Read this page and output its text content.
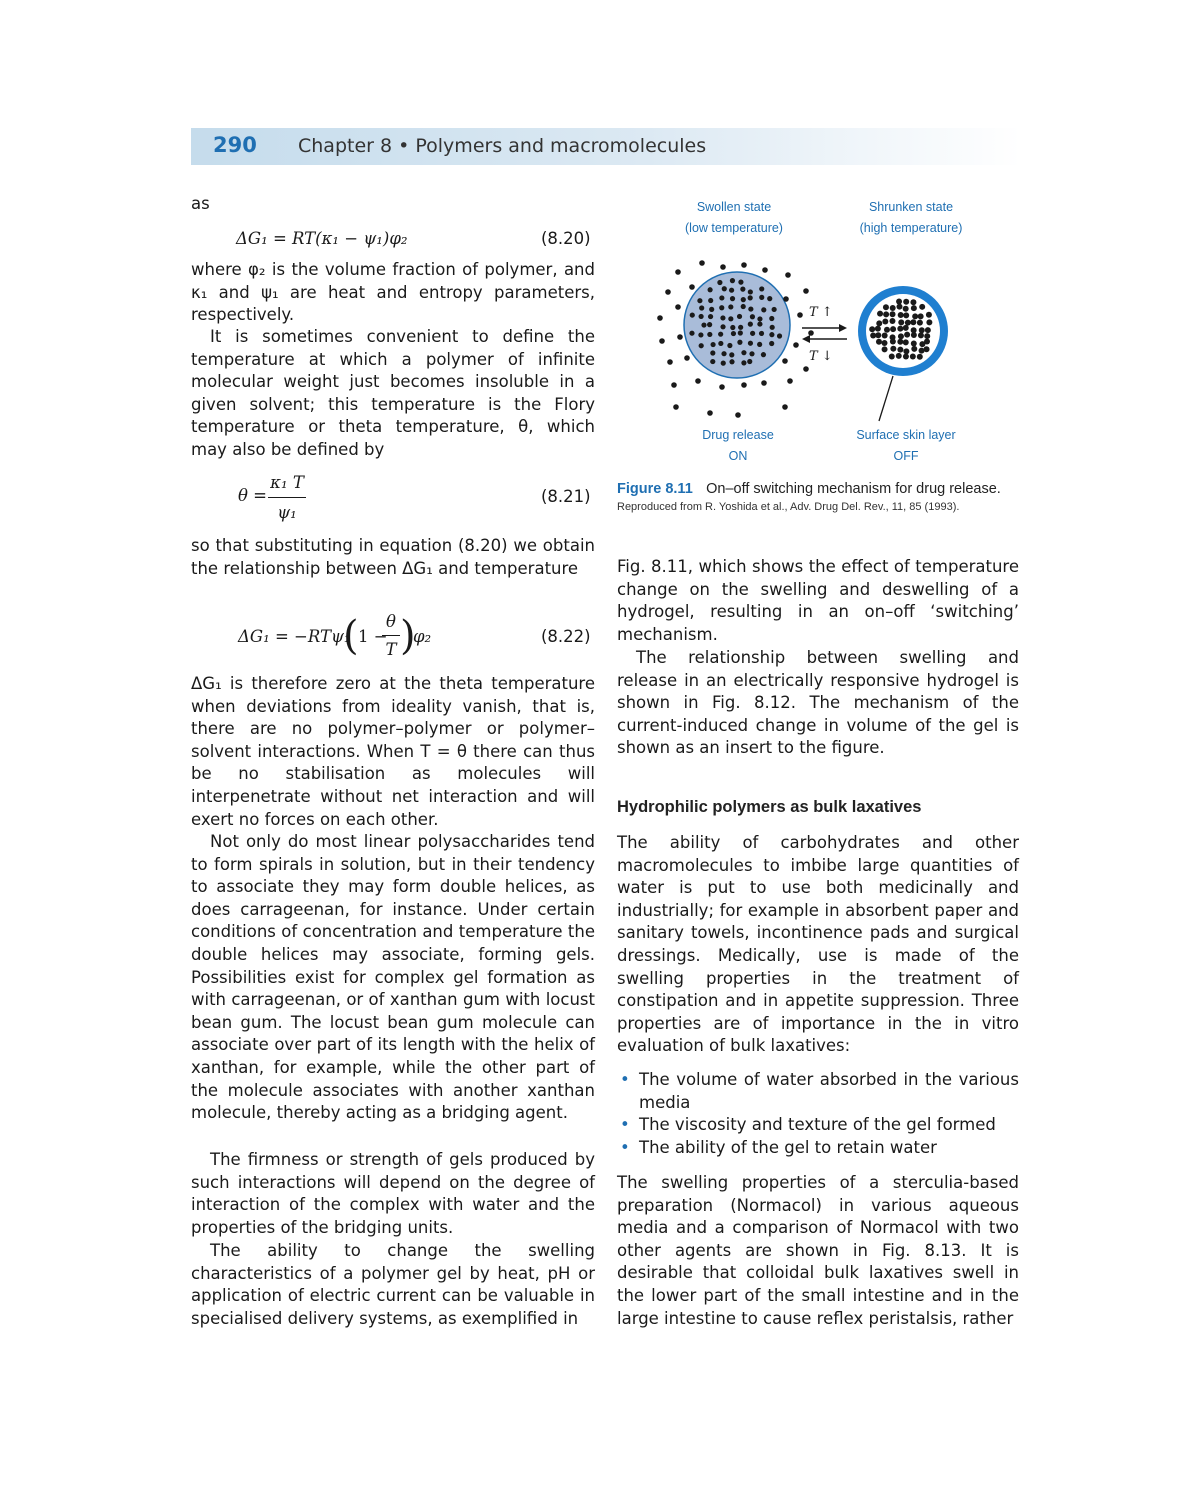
290 Chapter 8 • Polymers and macromolecules

as

ΔG₁ = RT(κ₁ − ψ₁)φ₂	(8.20)

where φ₂ is the volume fraction of polymer, and κ₁ and ψ₁ are heat and entropy parameters, respectively.

It is sometimes convenient to define the temperature at which a polymer of infinite molecular weight just becomes insoluble in a given solvent; this temperature is the Flory temperature or theta temperature, θ, which may also be defined by

θ =
κ₁ T
ψ₁
(8.21)

so that substituting in equation (8.20) we obtain the relationship between ΔG₁ and temperature

ΔG₁ = −RTψ₁
( 1 −
θ
T )
φ₂	(8.22)

ΔG₁ is therefore zero at the theta temperature when deviations from ideality vanish, that is, there are no polymer–polymer or polymer–solvent interactions. When T = θ there can thus be no stabilisation as molecules will interpenetrate without net interaction and will exert no forces on each other.

Not only do most linear polysaccharides tend to form spirals in solution, but in their tendency to associate they may form double helices, as does carrageenan, for instance. Under certain conditions of concentration and temperature the double helices may associate, forming gels. Possibilities exist for complex gel formation as with carrageenan, or of xanthan gum with locust bean gum. The locust bean gum molecule can associate over part of its length with the helix of xanthan, for example, while the other part of the molecule associates with another xanthan molecule, thereby acting as a bridging agent.

The firmness or strength of gels produced by such interactions will depend on the degree of interaction of the complex with water and the properties of the bridging units.

The ability to change the swelling characteristics of a polymer gel by heat, pH or application of electric current can be valuable in specialised delivery systems, as exemplified in

Swollen state
(low temperature)
Shrunken state
(high temperature)
T ↑
T ↓
Drug release
ON
Surface skin layer
OFF
Figure 8.11 On–off switching mechanism for drug release.
Reproduced from R. Yoshida et al., Adv. Drug Del. Rev., 11, 85 (1993).

Fig. 8.11, which shows the effect of temperature change on the swelling and deswelling of a hydrogel, resulting in an on–off ‘switching’ mechanism.

The relationship between swelling and release in an electrically responsive hydrogel is shown in Fig. 8.12. The mechanism of the current-induced change in volume of the gel is shown as an insert to the figure.

Hydrophilic polymers as bulk laxatives

The ability of carbohydrates and other macromolecules to imbibe large quantities of water is put to use both medicinally and industrially; for example in absorbent paper and sanitary towels, incontinence pads and surgical dressings. Medically, use is made of the swelling properties in the treatment of constipation and in appetite suppression. Three properties are of importance in the in vitro evaluation of bulk laxatives:

• The volume of water absorbed in the various media
• The viscosity and texture of the gel formed
• The ability of the gel to retain water

The swelling properties of a sterculia-based preparation (Normacol) in various aqueous media and a comparison of Normacol with two other agents are shown in Fig. 8.13. It is desirable that colloidal bulk laxatives swell in the lower part of the small intestine and in the large intestine to cause reflex peristalsis, rather
